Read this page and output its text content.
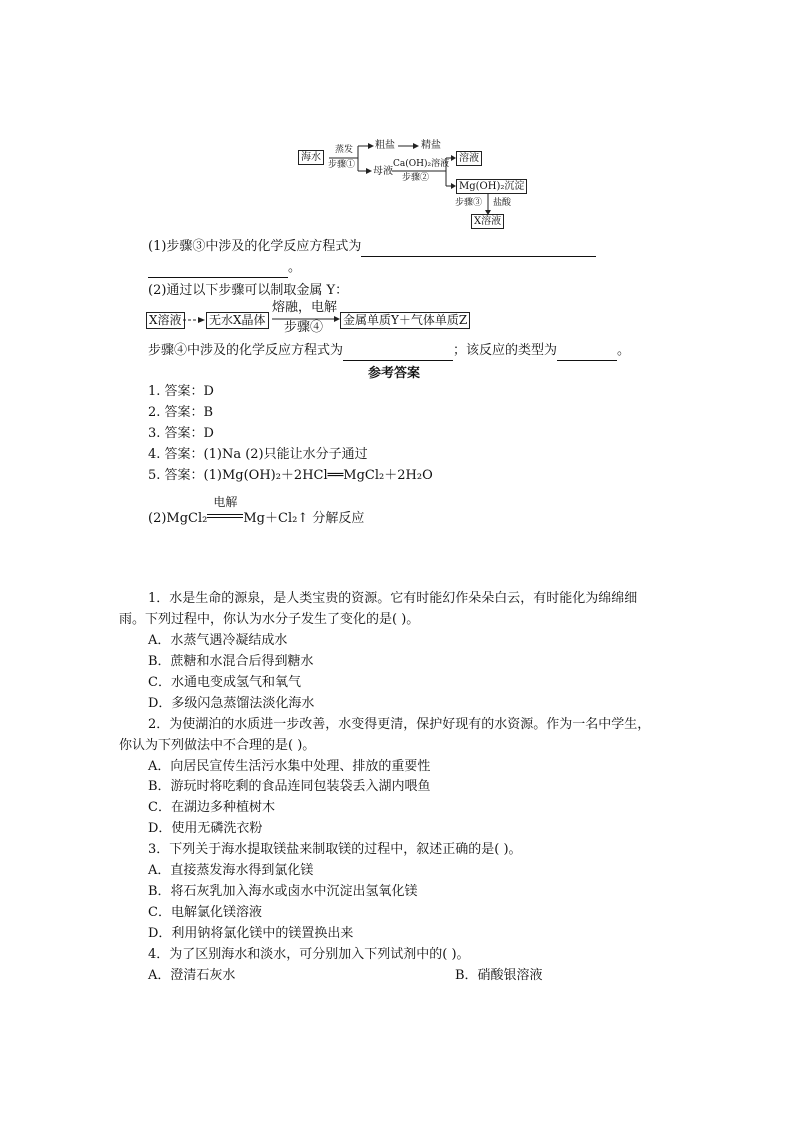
海水
蒸发
步骤①
粗盐	精盐
母液
Ca(OH)₂溶液
步骤②
溶液
Mg(OH)₂沉淀
步骤③ 盐酸
X溶液
(1)步骤③中涉及的化学反应方程式为
。
(2)通过以下步骤可以制取金属 Y：
X溶液 无水X晶体
熔融，电解
步骤④ 金属单质Y＋气体单质Z
步骤④中涉及的化学反应方程式为	；该反应的类型为	。
参考答案
1. 答案：D
2. 答案：B
3. 答案：D
4. 答案：(1)Na (2)只能让水分子通过
5. 答案：(1)Mg(OH)₂＋2HCl══MgCl₂＋2H₂O
(2)MgCl₂
电解
Mg＋Cl₂↑ 分解反应
1．水是生命的源泉，是人类宝贵的资源。它有时能幻作朵朵白云，有时能化为绵绵细
雨。下列过程中，你认为水分子发生了变化的是( )。
A．水蒸气遇冷凝结成水
B．蔗糖和水混合后得到糖水
C．水通电变成氢气和氧气
D．多级闪急蒸馏法淡化海水
2．为使湖泊的水质进一步改善，水变得更清，保护好现有的水资源。作为一名中学生，
你认为下列做法中不合理的是( )。
A．向居民宣传生活污水集中处理、排放的重要性
B．游玩时将吃剩的食品连同包装袋丢入湖内喂鱼
C．在湖边多种植树木
D．使用无磷洗衣粉
3．下列关于海水提取镁盐来制取镁的过程中，叙述正确的是( )。
A．直接蒸发海水得到氯化镁
B．将石灰乳加入海水或卤水中沉淀出氢氧化镁
C．电解氯化镁溶液
D．利用钠将氯化镁中的镁置换出来
4．为了区别海水和淡水，可分别加入下列试剂中的( )。
A．澄清石灰水	B．硝酸银溶液
